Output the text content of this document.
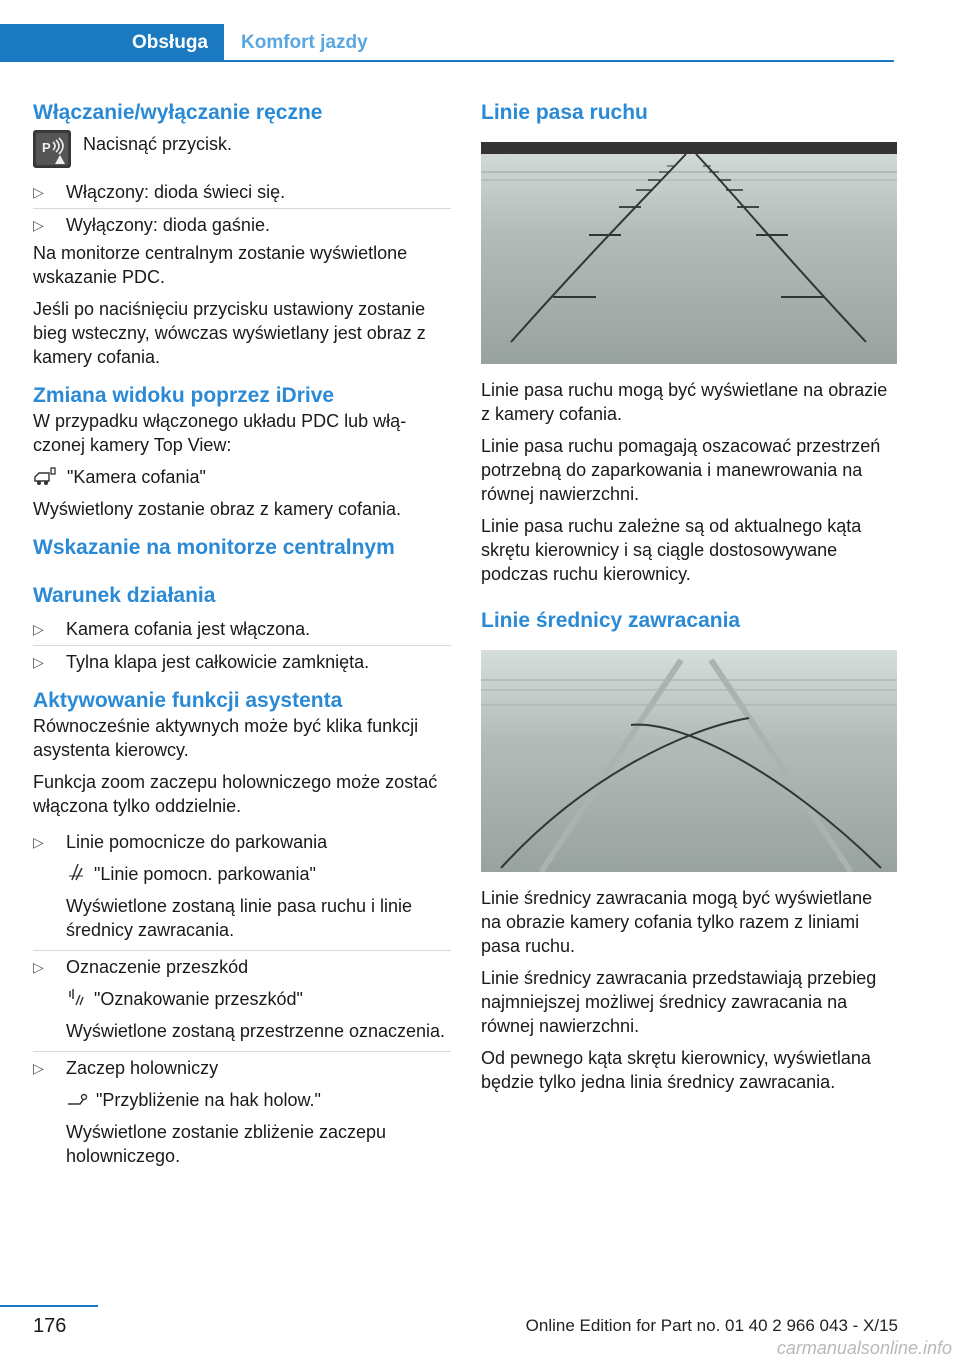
Obsługa	Komfort jazdy
Włączanie/wyłączanie ręczne
P Nacisnąć przycisk.
▷	Włączony: dioda świeci się.
▷	Wyłączony: dioda gaśnie.
Na monitorze centralnym zostanie wyświetlone wskazanie PDC.
Jeśli po naciśnięciu przycisku ustawiony zostanie bieg wsteczny, wówczas wyświetlany jest obraz z kamery cofania.
Zmiana widoku poprzez iDrive
W przypadku włączonego układu PDC lub włączonej kamery Top View:
"Kamera cofania"
Wyświetlony zostanie obraz z kamery cofania.
Wskazanie na monitorze centralnym
Warunek działania
▷	Kamera cofania jest włączona.
▷	Tylna klapa jest całkowicie zamknięta.
Aktywowanie funkcji asystenta
Równocześnie aktywnych może być klika funkcji asystenta kierowcy.
Funkcja zoom zaczepu holowniczego może zostać włączona tylko oddzielnie.
▷	Linie pomocnicze do parkowania
"Linie pomocn. parkowania"
Wyświetlone zostaną linie pasa ruchu i linie średnicy zawracania.
▷	Oznaczenie przeszkód
"Oznakowanie przeszkód"
Wyświetlone zostaną przestrzenne oznaczenia.
▷	Zaczep holowniczy
"Przybliżenie na hak holow."
Wyświetlone zostanie zbliżenie zaczepu holowniczego.
Linie pasa ruchu
Linie pasa ruchu mogą być wyświetlane na obrazie z kamery cofania.
Linie pasa ruchu pomagają oszacować przestrzeń potrzebną do zaparkowania i manewrowania na równej nawierzchni.
Linie pasa ruchu zależne są od aktualnego kąta skrętu kierownicy i są ciągle dostosowywane podczas ruchu kierownicy.
Linie średnicy zawracania
Linie średnicy zawracania mogą być wyświetlane na obrazie kamery cofania tylko razem z liniami pasa ruchu.
Linie średnicy zawracania przedstawiają przebieg najmniejszej możliwej średnicy zawracania na równej nawierzchni.
Od pewnego kąta skrętu kierownicy, wyświetlana będzie tylko jedna linia średnicy zawracania.
176	Online Edition for Part no. 01 40 2 966 043 - X/15
carmanualsonline.info
